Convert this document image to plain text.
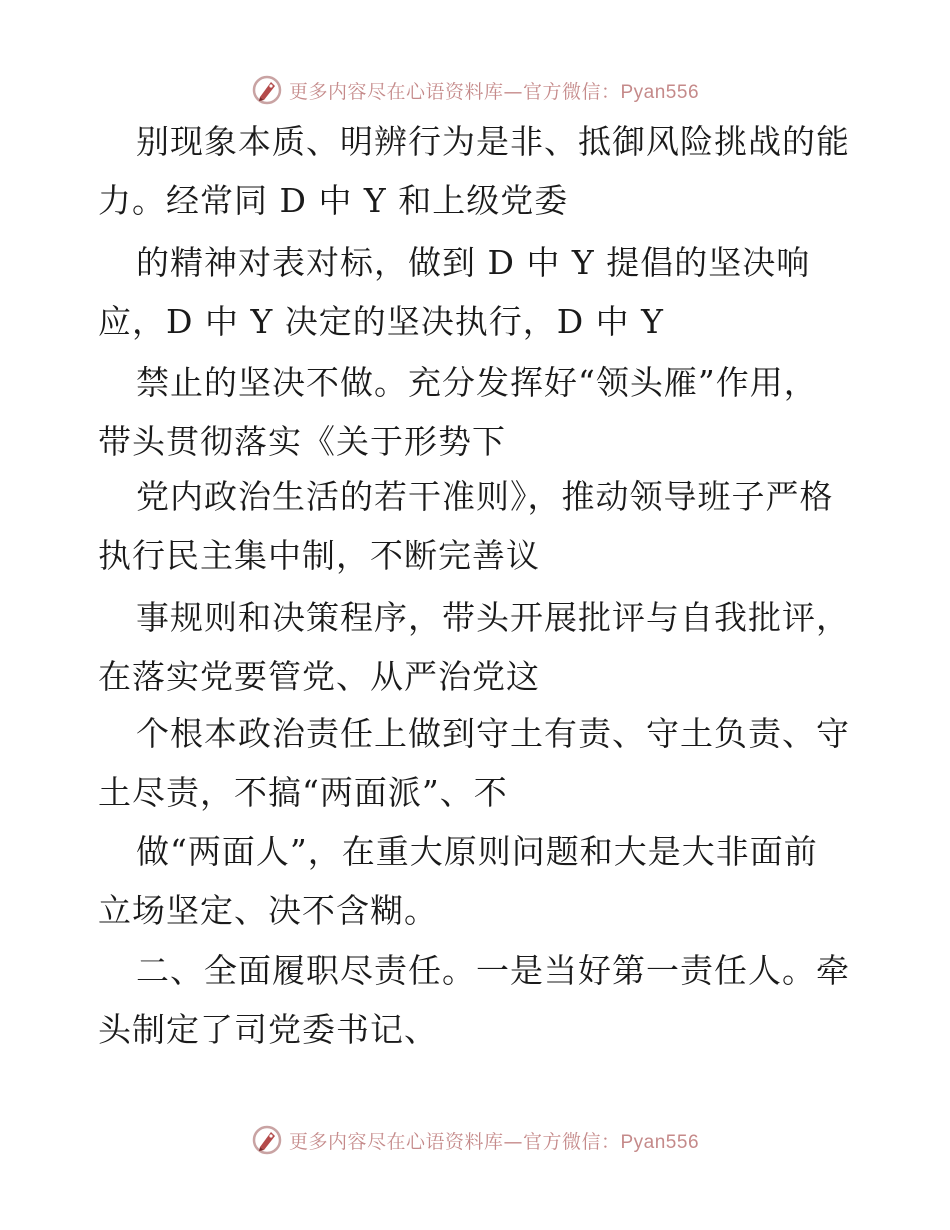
更多内容尽在心语资料库—官方微信：Pyan556
别现象本质、明辨行为是非、抵御风险挑战的能
力。经常同 D 中 Y 和上级党委
的精神对表对标，做到 D 中 Y 提倡的坚决响
应，D 中 Y 决定的坚决执行，D 中 Y
禁止的坚决不做。充分发挥好“领头雁”作用，
带头贯彻落实《关于形势下
党内政治生活的若干准则》，推动领导班子严格
执行民主集中制，不断完善议
事规则和决策程序，带头开展批评与自我批评，
在落实党要管党、从严治党这
个根本政治责任上做到守土有责、守土负责、守
土尽责，不搞“两面派”、不
做“两面人”，在重大原则问题和大是大非面前
立场坚定、决不含糊。
二、全面履职尽责任。一是当好第一责任人。牵
头制定了司党委书记、
更多内容尽在心语资料库—官方微信：Pyan556
